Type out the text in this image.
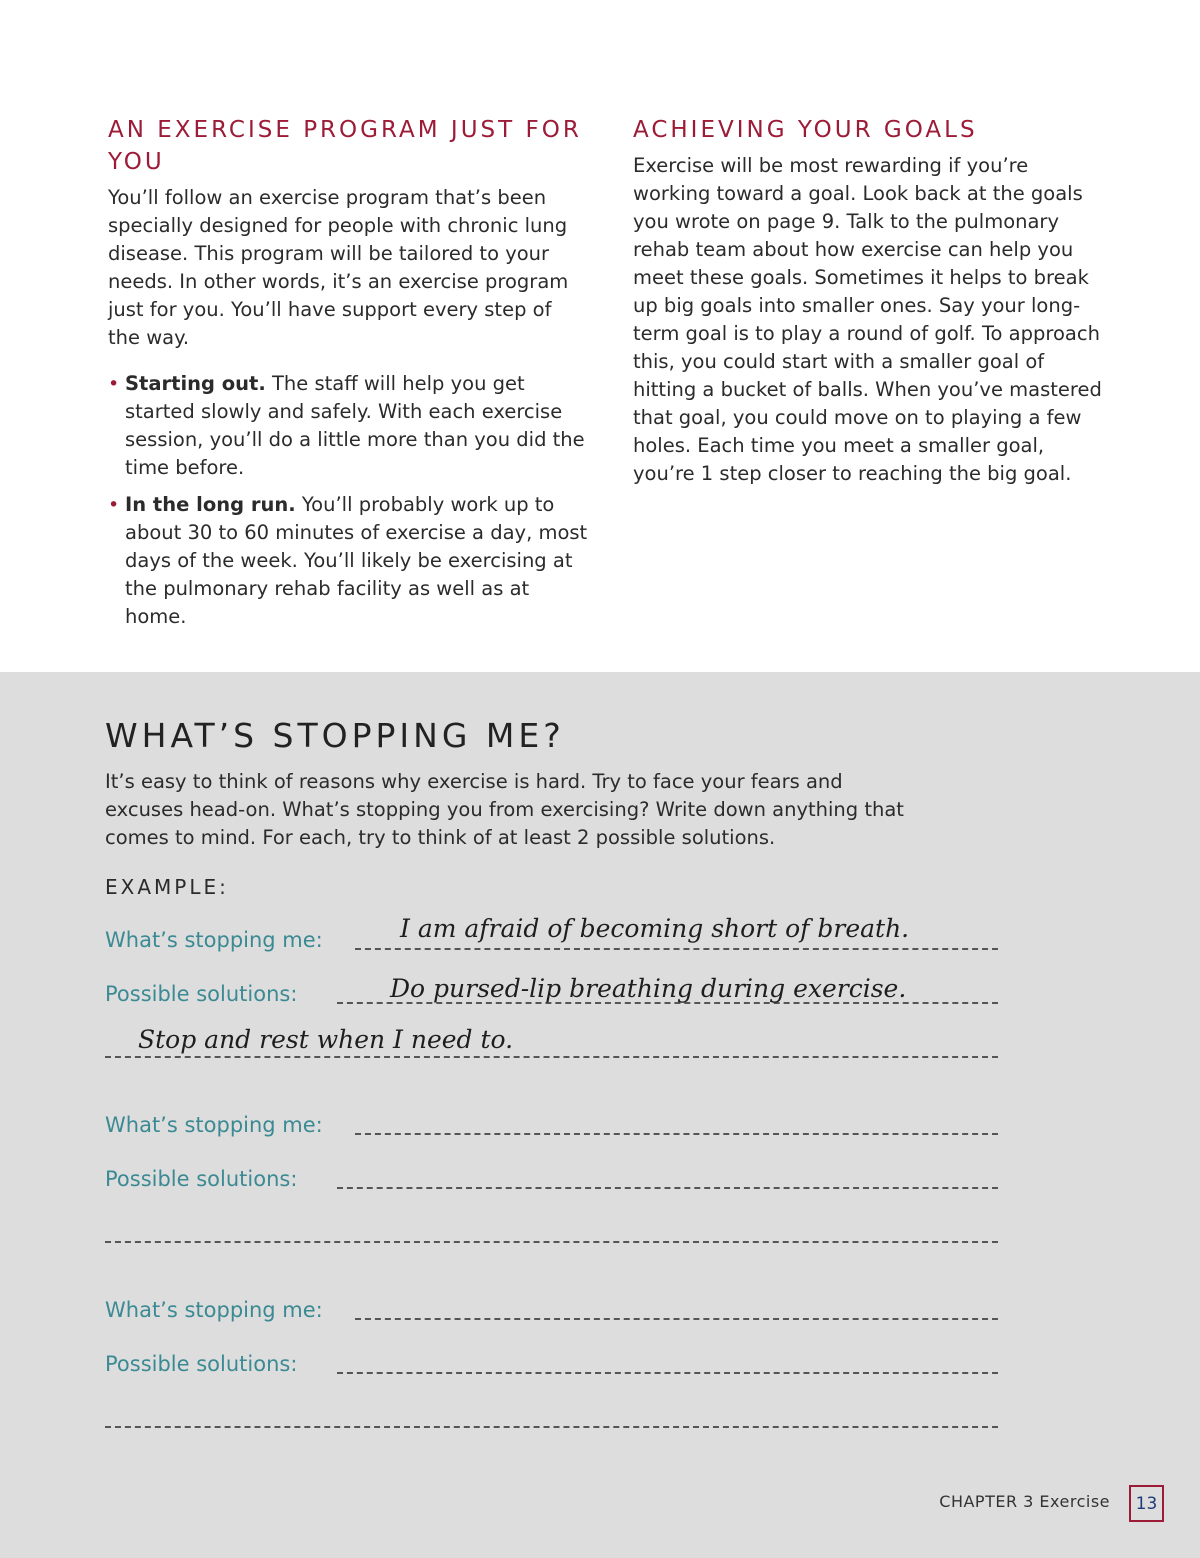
AN EXERCISE PROGRAM JUST FOR YOU

You’ll follow an exercise program that’s been specially designed for people with chronic lung disease. This program will be tailored to your needs. In other words, it’s an exercise program just for you. You’ll have support every step of the way.

• Starting out. The staff will help you get started slowly and safely. With each exercise session, you’ll do a little more than you did the time before.
• In the long run. You’ll probably work up to about 30 to 60 minutes of exercise a day, most days of the week. You’ll likely be exercising at the pulmonary rehab facility as well as at home.
ACHIEVING YOUR GOALS

Exercise will be most rewarding if you’re working toward a goal. Look back at the goals you wrote on page 9. Talk to the pulmonary rehab team about how exercise can help you meet these goals. Sometimes it helps to break up big goals into smaller ones. Say your long-term goal is to play a round of golf. To approach this, you could start with a smaller goal of hitting a bucket of balls. When you’ve mastered that goal, you could move on to playing a few holes. Each time you meet a smaller goal, you’re 1 step closer to reaching the big goal.

WHAT’S STOPPING ME?

It’s easy to think of reasons why exercise is hard. Try to face your fears and excuses head-on. What’s stopping you from exercising? Write down anything that comes to mind. For each, try to think of at least 2 possible solutions.

EXAMPLE:
What’s stopping me:	I am afraid of becoming short of breath.
Possible solutions:	Do pursed-lip breathing during exercise.
Stop and rest when I need to.
What’s stopping me:
Possible solutions:
What’s stopping me:
Possible solutions:
CHAPTER 3 Exercise	13
